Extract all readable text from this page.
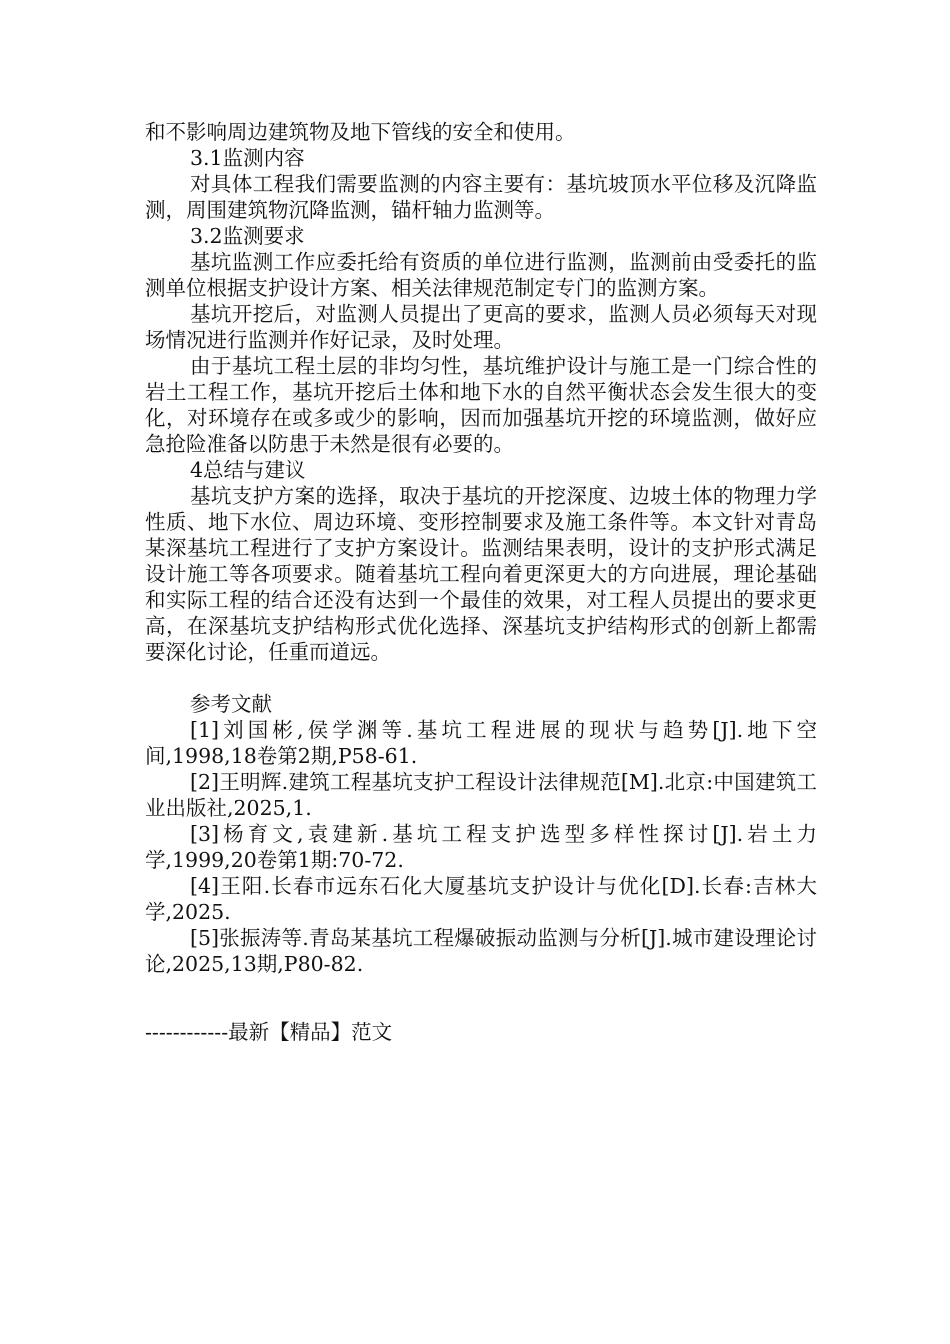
和不影响周边建筑物及地下管线的安全和使用。

3.1监测内容

对具体工程我们需要监测的内容主要有：基坑坡顶水平位移及沉降监测，周围建筑物沉降监测，锚杆轴力监测等。

3.2监测要求

基坑监测工作应委托给有资质的单位进行监测，监测前由受委托的监测单位根据支护设计方案、相关法律规范制定专门的监测方案。

基坑开挖后，对监测人员提出了更高的要求，监测人员必须每天对现场情况进行监测并作好记录，及时处理。

由于基坑工程土层的非均匀性，基坑维护设计与施工是一门综合性的岩土工程工作，基坑开挖后土体和地下水的自然平衡状态会发生很大的变化，对环境存在或多或少的影响，因而加强基坑开挖的环境监测，做好应急抢险准备以防患于未然是很有必要的。

4总结与建议

基坑支护方案的选择，取决于基坑的开挖深度、边坡土体的物理力学性质、地下水位、周边环境、变形控制要求及施工条件等。本文针对青岛某深基坑工程进行了支护方案设计。监测结果表明，设计的支护形式满足设计施工等各项要求。随着基坑工程向着更深更大的方向进展，理论基础和实际工程的结合还没有达到一个最佳的效果，对工程人员提出的要求更高，在深基坑支护结构形式优化选择、深基坑支护结构形式的创新上都需要深化讨论，任重而道远。

参考文献

[1]刘国彬,侯学渊等.基坑工程进展的现状与趋势[J].地下空间,1998,18卷第2期,P58-61.

[2]王明辉.建筑工程基坑支护工程设计法律规范[M].北京:中国建筑工业出版社,2025,1.

[3]杨育文,袁建新.基坑工程支护选型多样性探讨[J].岩土力学,1999,20卷第1期:70-72.

[4]王阳.长春市远东石化大厦基坑支护设计与优化[D].长春:吉林大学,2025.

[5]张振涛等.青岛某基坑工程爆破振动监测与分析[J].城市建设理论讨论,2025,13期,P80-82.

------------最新【精品】范文
